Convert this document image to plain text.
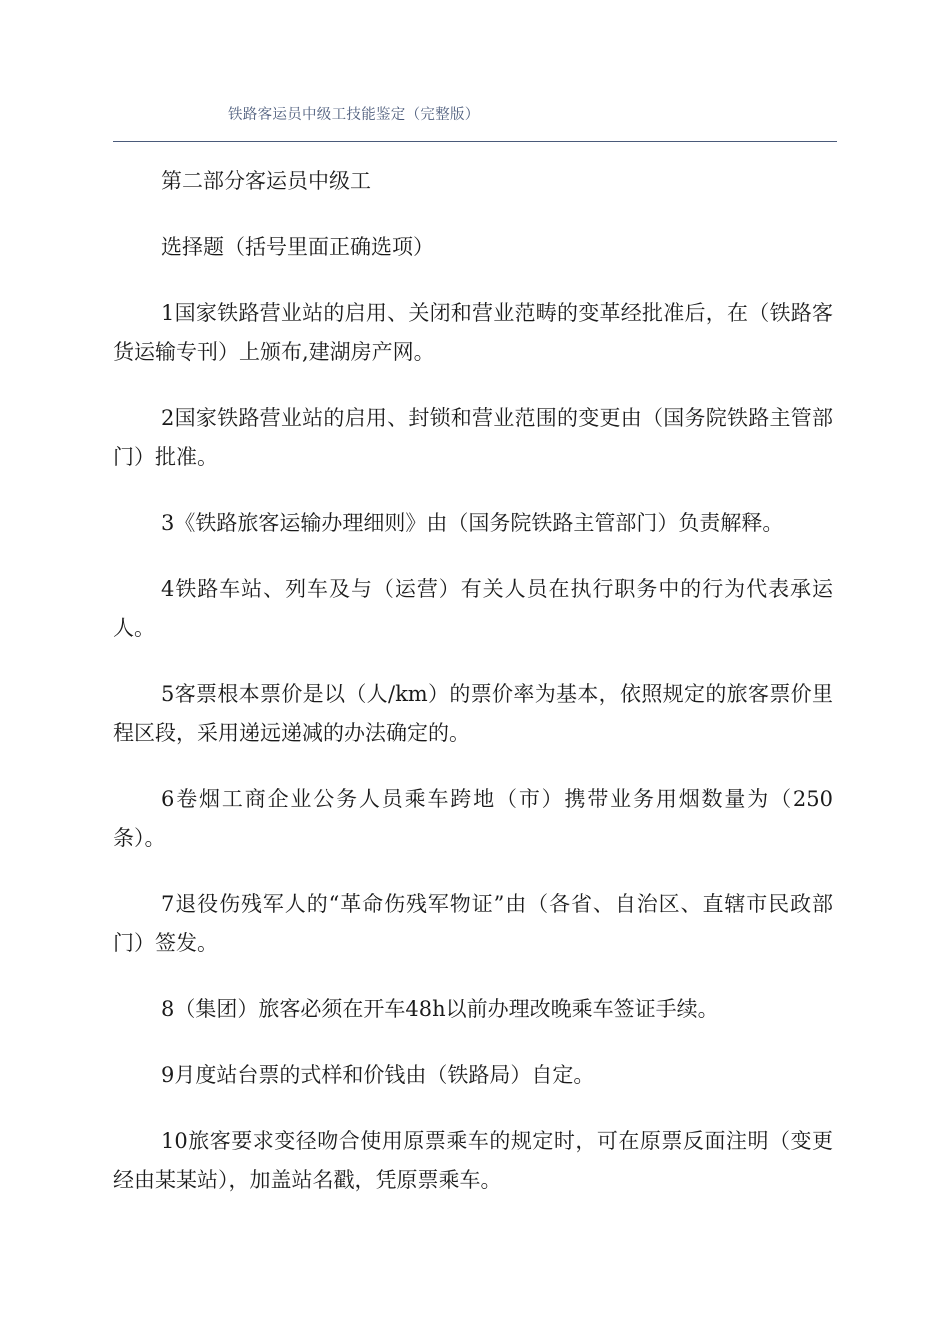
铁路客运员中级工技能鉴定（完整版）

第二部分客运员中级工

选择题（括号里面正确选项）

1国家铁路营业站的启用、关闭和营业范畴的变革经批准后，在（铁路客货运输专刊）上颁布,建湖房产网。

2国家铁路营业站的启用、封锁和营业范围的变更由（国务院铁路主管部门）批准。

3《铁路旅客运输办理细则》由（国务院铁路主管部门）负责解释。

4铁路车站、列车及与（运营）有关人员在执行职务中的行为代表承运人。

5客票根本票价是以（人/km）的票价率为基本，依照规定的旅客票价里程区段，采用递远递减的办法确定的。

6卷烟工商企业公务人员乘车跨地（市）携带业务用烟数量为（250条）。

7退役伤残军人的“革命伤残军物证”由（各省、自治区、直辖市民政部门）签发。

8（集团）旅客必须在开车48h以前办理改晚乘车签证手续。

9月度站台票的式样和价钱由（铁路局）自定。

10旅客要求变径吻合使用原票乘车的规定时，可在原票反面注明（变更经由某某站），加盖站名戳，凭原票乘车。
